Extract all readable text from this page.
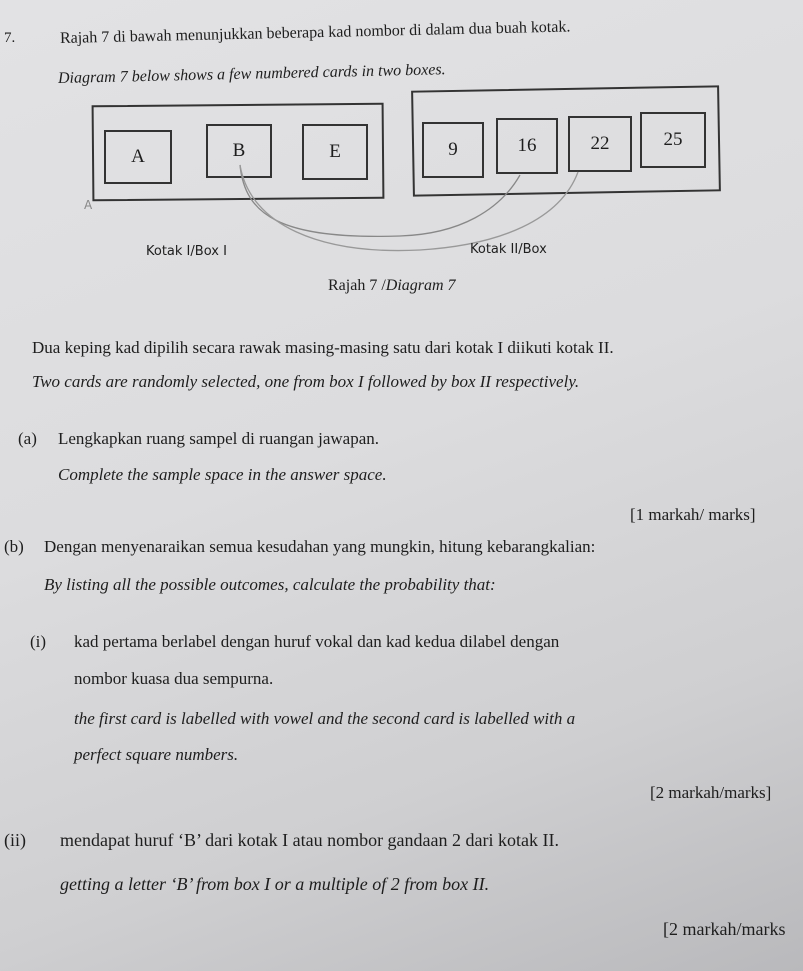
7.	Rajah 7 di bawah menunjukkan beberapa kad nombor di dalam dua buah kotak.
Diagram 7 below shows a few numbered cards in two boxes.
A	B	E	9	16	22	25
A
Kotak I/Box I	Kotak II/Box
Rajah 7 /Diagram 7
Dua keping kad dipilih secara rawak masing-masing satu dari kotak I diikuti kotak II.
Two cards are randomly selected, one from box I followed by box II respectively.
(a) Lengkapkan ruang sampel di ruangan jawapan.
Complete the sample space in the answer space.
[1 markah/ marks]
(b) Dengan menyenaraikan semua kesudahan yang mungkin, hitung kebarangkalian:
By listing all the possible outcomes, calculate the probability that:
(i) kad pertama berlabel dengan huruf vokal dan kad kedua dilabel dengan
nombor kuasa dua sempurna.
the first card is labelled with vowel and the second card is labelled with a
perfect square numbers.
[2 markah/marks]
(ii) mendapat huruf ‘B’ dari kotak I atau nombor gandaan 2 dari kotak II.
getting a letter ‘B’ from box I or a multiple of 2 from box II.
[2 markah/marks
